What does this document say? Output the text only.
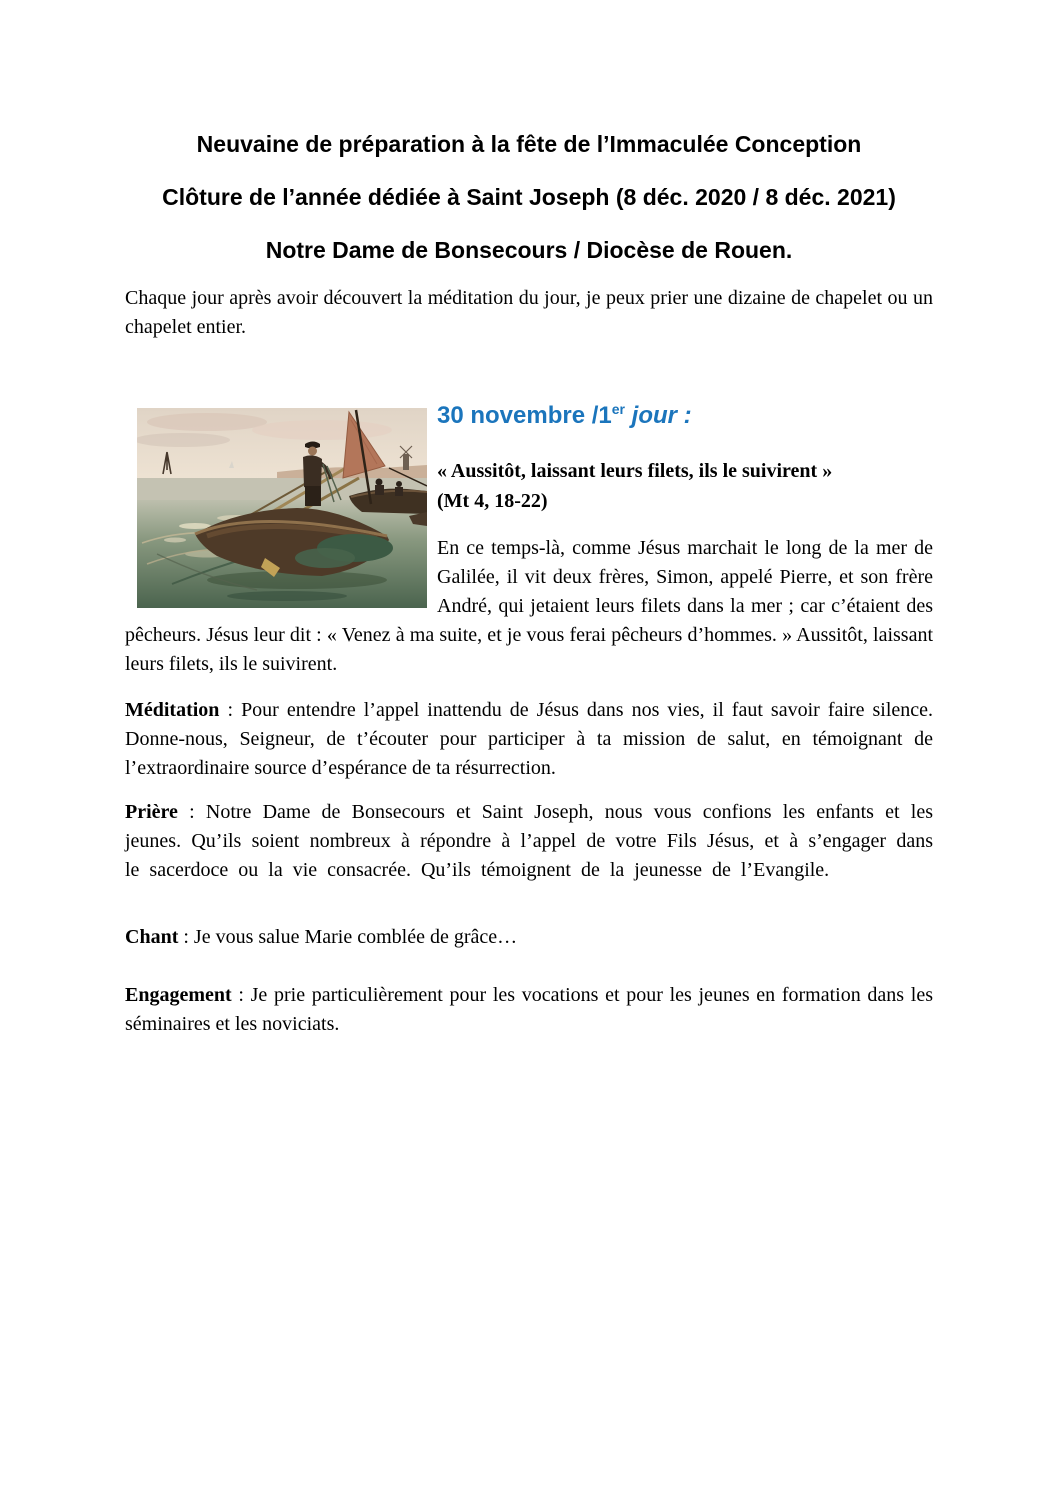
Neuvaine de préparation à la fête de l’Immaculée Conception
Clôture de l’année dédiée à Saint Joseph (8 déc. 2020 / 8 déc. 2021)
Notre Dame de Bonsecours / Diocèse de Rouen.

Chaque jour après avoir découvert la méditation du jour, je peux prier une dizaine de chapelet ou un chapelet entier.

30 novembre /1er jour :

« Aussitôt, laissant leurs filets, ils le suivirent »
(Mt 4, 18-22)

En ce temps-là, comme Jésus marchait le long de la mer de Galilée, il vit deux frères, Simon, appelé Pierre, et son frère André, qui jetaient leurs filets dans la mer ; car c’étaient des pêcheurs. Jésus leur dit : « Venez à ma suite, et je vous ferai pêcheurs d’hommes. » Aussitôt, laissant leurs filets, ils le suivirent.

Méditation : Pour entendre l’appel inattendu de Jésus dans nos vies, il faut savoir faire silence. Donne-nous, Seigneur, de t’écouter pour participer à ta mission de salut, en témoignant de l’extraordinaire source d’espérance de ta résurrection.

Prière : Notre Dame de Bonsecours et Saint Joseph, nous vous confions les enfants et les jeunes. Qu’ils soient nombreux à répondre à l’appel de votre Fils Jésus, et à s’engager dans le sacerdoce ou la vie consacrée. Qu’ils témoignent de la jeunesse de l’Evangile.

Chant : Je vous salue Marie comblée de grâce…

Engagement : Je prie particulièrement pour les vocations et pour les jeunes en formation dans les séminaires et les noviciats.
